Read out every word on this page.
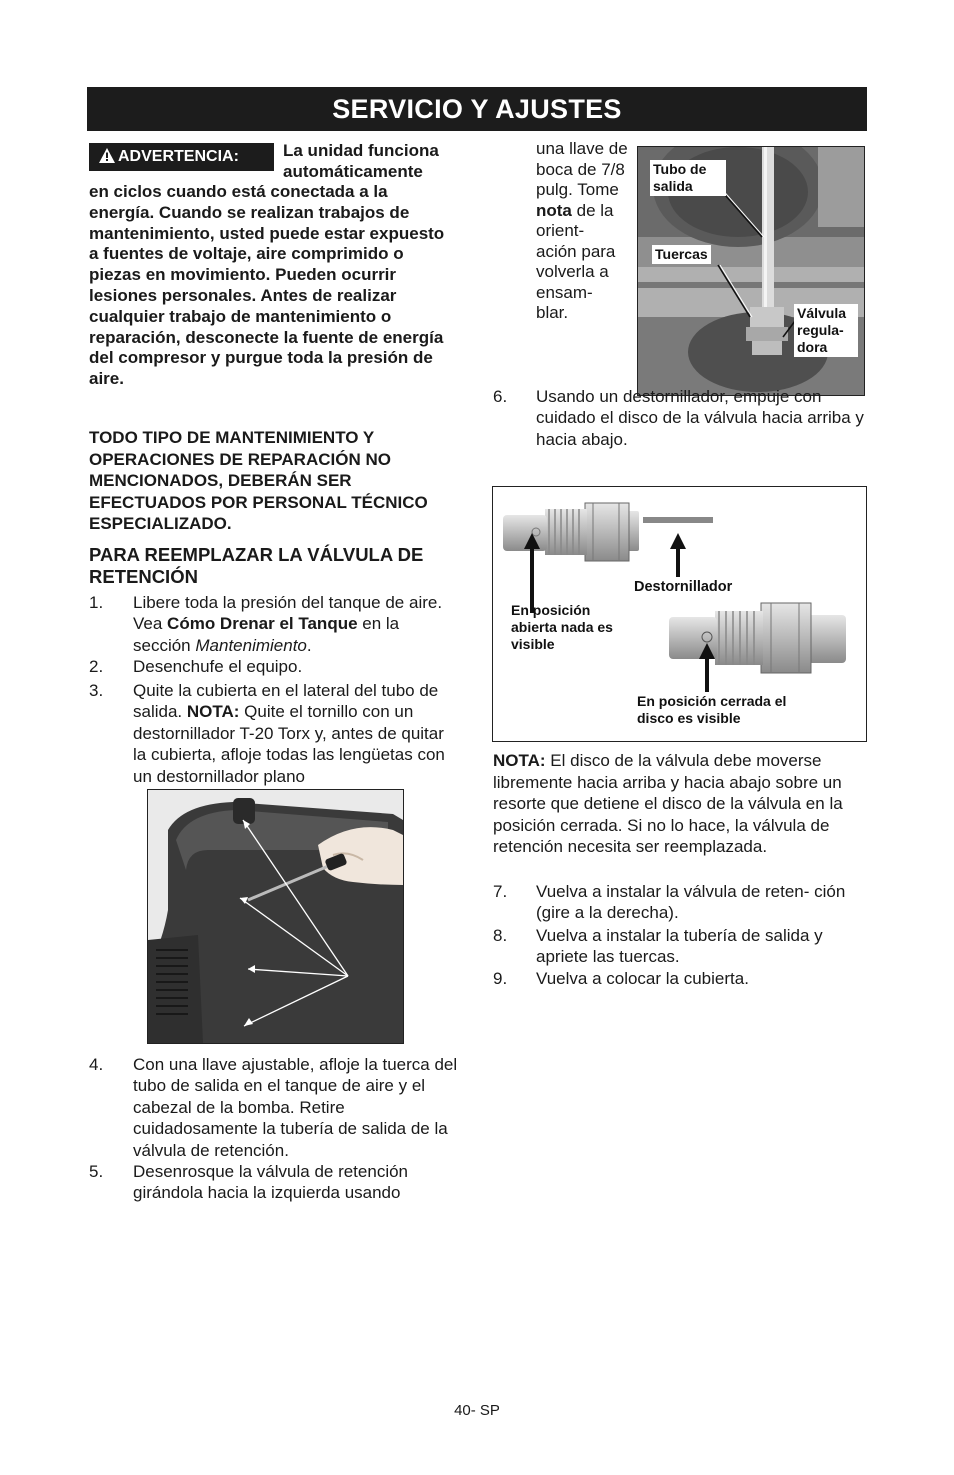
SERVICIO Y AJUSTES
ADVERTENCIA:	La unidad funciona automáticamente
en ciclos cuando está conectada a la energía. Cuando se realizan trabajos de mantenimiento, usted puede estar expuesto a fuentes de voltaje, aire comprimido o piezas en movimiento. Pueden ocurrir lesiones personales. Antes de realizar cualquier trabajo de mantenimiento o reparación, desconecte la fuente de energía del compresor y purgue toda la presión de aire.
TODO TIPO DE MANTENIMIENTO Y OPERACIONES DE REPARACIÓN NO MENCIONADOS, DEBERÁN SER EFECTUADOS POR PERSONAL TÉCNICO ESPECIALIZADO.
PARA REEMPLAZAR LA VÁLVULA DE RETENCIÓN
1. Libere toda la presión del tanque de aire. Vea Cómo Drenar el Tanque en la sección Mantenimiento.
2. Desenchufe el equipo.
3. Quite la cubierta en el lateral del tubo de salida. NOTA: Quite el tornillo con un destornillador T-20 Torx y, antes de quitar la cubierta, afloje todas las lengüetas con un destornillador plano
4. Con una llave ajustable, afloje la tuerca del tubo de salida en el tanque de aire y el cabezal de la bomba. Retire cuidadosamente la tubería de salida de la válvula de retención.
5. Desenrosque la válvula de retención girándola hacia la izquierda usando
una llave de boca de 7/8 pulg. Tome nota de la orient- ación para volverla a ensam- blar.
Tubo de salida
Tuercas
Válvula regula- dora
6. Usando un destornillador, empuje con cuidado el disco de la válvula hacia arriba y hacia abajo.
Destornillador
En posición abierta nada es visible
En posición cerrada el disco es visible
NOTA: El disco de la válvula debe moverse libremente hacia arriba y hacia abajo sobre un resorte que detiene el disco de la válvula en la posición cerrada. Si no lo hace, la válvula de retención necesita ser reemplazada.
7. Vuelva a instalar la válvula de reten- ción (gire a la derecha).
8. Vuelva a instalar la tubería de salida y apriete las tuercas.
9. Vuelva a colocar la cubierta.
40- SP
